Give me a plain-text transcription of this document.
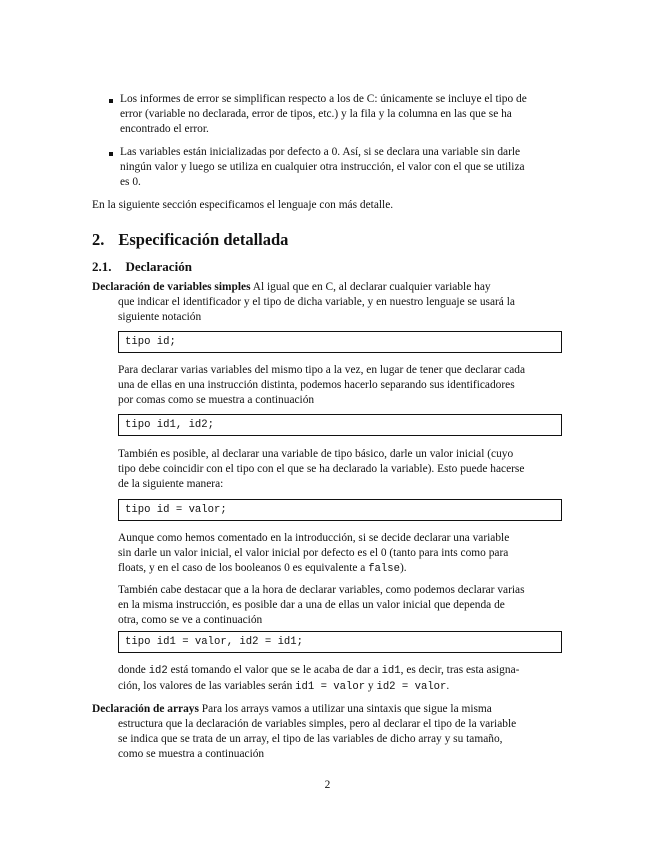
Los informes de error se simplifican respecto a los de C: únicamente se incluye el tipo de

error (variable no declarada, error de tipos, etc.) y la fila y la columna en las que se ha

encontrado el error.

Las variables están inicializadas por defecto a 0. Así, si se declara una variable sin darle

ningún valor y luego se utiliza en cualquier otra instrucción, el valor con el que se utiliza

es 0.

En la siguiente sección especificamos el lenguaje con más detalle.

2. Especificación detallada
2.1. Declaración

Declaración de variables simples Al igual que en C, al declarar cualquier variable hay

que indicar el identificador y el tipo de dicha variable, y en nuestro lenguaje se usará la

siguiente notación

tipo id;

Para declarar varias variables del mismo tipo a la vez, en lugar de tener que declarar cada

una de ellas en una instrucción distinta, podemos hacerlo separando sus identificadores

por comas como se muestra a continuación

tipo id1, id2;

También es posible, al declarar una variable de tipo básico, darle un valor inicial (cuyo

tipo debe coincidir con el tipo con el que se ha declarado la variable). Esto puede hacerse

de la siguiente manera:

tipo id = valor;

Aunque como hemos comentado en la introducción, si se decide declarar una variable

sin darle un valor inicial, el valor inicial por defecto es el 0 (tanto para ints como para

floats, y en el caso de los booleanos 0 es equivalente a false).

También cabe destacar que a la hora de declarar variables, como podemos declarar varias

en la misma instrucción, es posible dar a una de ellas un valor inicial que dependa de

otra, como se ve a continuación

tipo id1 = valor, id2 = id1;

donde id2 está tomando el valor que se le acaba de dar a id1, es decir, tras esta asigna-

ción, los valores de las variables serán id1 = valor y id2 = valor.

Declaración de arrays Para los arrays vamos a utilizar una sintaxis que sigue la misma

estructura que la declaración de variables simples, pero al declarar el tipo de la variable

se indica que se trata de un array, el tipo de las variables de dicho array y su tamaño,

como se muestra a continuación

2
